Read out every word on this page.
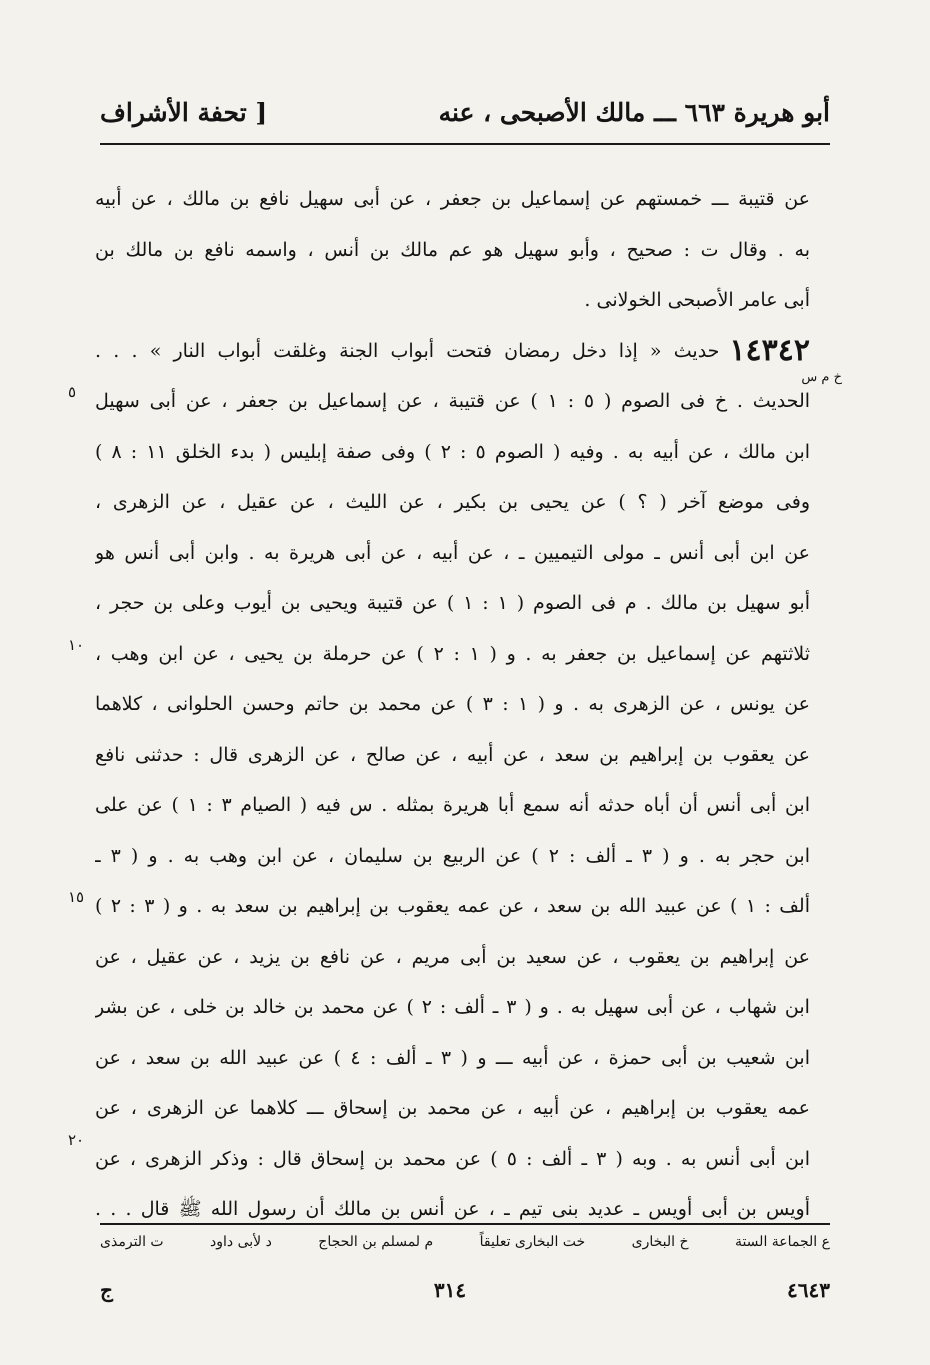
أبو هريرة ٦٦٣ ـــ مالك الأصبحى ، عنه
[ تحفة الأشراف
عن قتيبة ـــ خمستهم عن إسماعيل بن جعفر ، عن أبى سهيل نافع بن مالك ، عن أبيه
به . وقال ت : صحيح ، وأبو سهيل هو عم مالك بن أنس ، واسمه نافع بن مالك بن
أبى عامر الأصبحى الخولانى .
١٤٣٤٢
حديث « إذا دخل رمضان فتحت أبواب الجنة وغلقت أبواب النار » . . .
الحديث . خ فى الصوم ( ٥ : ١ ) عن قتيبة ، عن إسماعيل بن جعفر ، عن أبى سهيل
ابن مالك ، عن أبيه به . وفيه ( الصوم ٥ : ٢ ) وفى صفة إبليس ( بدء الخلق ١١ : ٨ )
وفى موضع آخر ( ؟ ) عن يحيى بن بكير ، عن الليث ، عن عقيل ، عن الزهرى ،
عن ابن أبى أنس ـ مولى التيميين ـ ، عن أبيه ، عن أبى هريرة به . وابن أبى أنس هو
أبو سهيل بن مالك . م فى الصوم ( ١ : ١ ) عن قتيبة ويحيى بن أيوب وعلى بن حجر ،
ثلاثتهم عن إسماعيل بن جعفر به . و ( ١ : ٢ ) عن حرملة بن يحيى ، عن ابن وهب ،
عن يونس ، عن الزهرى به . و ( ١ : ٣ ) عن محمد بن حاتم وحسن الحلوانى ، كلاهما
عن يعقوب بن إبراهيم بن سعد ، عن أبيه ، عن صالح ، عن الزهرى قال : حدثنى نافع
ابن أبى أنس أن أباه حدثه أنه سمع أبا هريرة بمثله . س فيه ( الصيام ٣ : ١ ) عن على
ابن حجر به . و ( ٣ ـ ألف : ٢ ) عن الربيع بن سليمان ، عن ابن وهب به . و ( ٣ ـ
ألف : ١ ) عن عبيد الله بن سعد ، عن عمه يعقوب بن إبراهيم بن سعد به . و ( ٣ : ٢ )
عن إبراهيم بن يعقوب ، عن سعيد بن أبى مريم ، عن نافع بن يزيد ، عن عقيل ، عن
ابن شهاب ، عن أبى سهيل به . و ( ٣ ـ ألف : ٢ ) عن محمد بن خالد بن خلى ، عن بشر
ابن شعيب بن أبى حمزة ، عن أبيه ـــ و ( ٣ ـ ألف : ٤ ) عن عبيد الله بن سعد ، عن
عمه يعقوب بن إبراهيم ، عن أبيه ، عن محمد بن إسحاق ـــ كلاهما عن الزهرى ، عن
ابن أبى أنس به . وبه ( ٣ ـ ألف : ٥ ) عن محمد بن إسحاق قال : وذكر الزهرى ، عن
أويس بن أبى أويس ـ عديد بنى تيم ـ ، عن أنس بن مالك أن رسول الله ﷺ قال . . .
خ م س
٥
١٠
١٥
٢٠
ع الجماعة الستة
خ البخارى
خت البخارى تعليقاً
م لمسلم بن الحجاج
د لأبى داود
ت الترمذى
٤٦٤٣
٣١٤
ج
